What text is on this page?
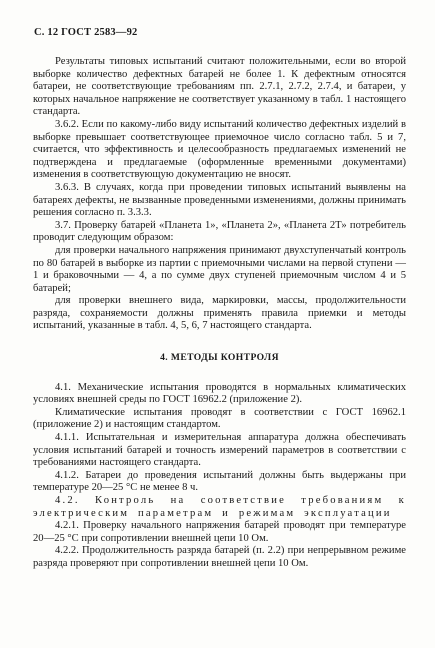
С. 12 ГОСТ 2583—92

Результаты типовых испытаний считают положительными, если во второй выборке количество дефектных батарей не более 1. К дефектным относятся батареи, не соответствующие требованиям пп. 2.7.1, 2.7.2, 2.7.4, и батареи, у которых начальное напряжение не соответствует указанному в табл. 1 настоящего стандарта.

3.6.2. Если по какому-либо виду испытаний количество дефектных изделий в выборке превышает соответствующее приемочное число согласно табл. 5 и 7, считается, что эффективность и целесообразность предлагаемых изменений не подтверждена и предлагаемые (оформленные временными документами) изменения в соответствующую документацию не вносят.

3.6.3. В случаях, когда при проведении типовых испытаний выявлены на батареях дефекты, не вызванные проведенными изменениями, должны принимать решения согласно п. 3.3.3.

3.7. Проверку батарей «Планета 1», «Планета 2», «Планета 2Т» потребитель проводит следующим образом:

для проверки начального напряжения принимают двухступенчатый контроль по 80 батарей в выборке из партии с приемочными числами на первой ступени — 1 и браковочными — 4, а по сумме двух ступеней приемочным числом 4 и 5 батарей;

для проверки внешнего вида, маркировки, массы, продолжительности разряда, сохраняемости должны применять правила приемки и методы испытаний, указанные в табл. 4, 5, 6, 7 настоящего стандарта.

4. МЕТОДЫ КОНТРОЛЯ

4.1. Механические испытания проводятся в нормальных климатических условиях внешней среды по ГОСТ 16962.2 (приложение 2).

Климатические испытания проводят в соответствии с ГОСТ 16962.1 (приложение 2) и настоящим стандартом.

4.1.1. Испытательная и измерительная аппаратура должна обеспечивать условия испытаний батарей и точность измерений параметров в соответствии с требованиями настоящего стандарта.

4.1.2. Батареи до проведения испытаний должны быть выдержаны при температуре 20—25 °С не менее 8 ч.

4.2. Контроль на соответствие требованиям к электрическим параметрам и режимам эксплуатации

4.2.1. Проверку начального напряжения батарей проводят при температуре 20—25 °С при сопротивлении внешней цепи 10 Ом.

4.2.2. Продолжительность разряда батарей (п. 2.2) при непрерывном режиме разряда проверяют при сопротивлении внешней цепи 10 Ом.
